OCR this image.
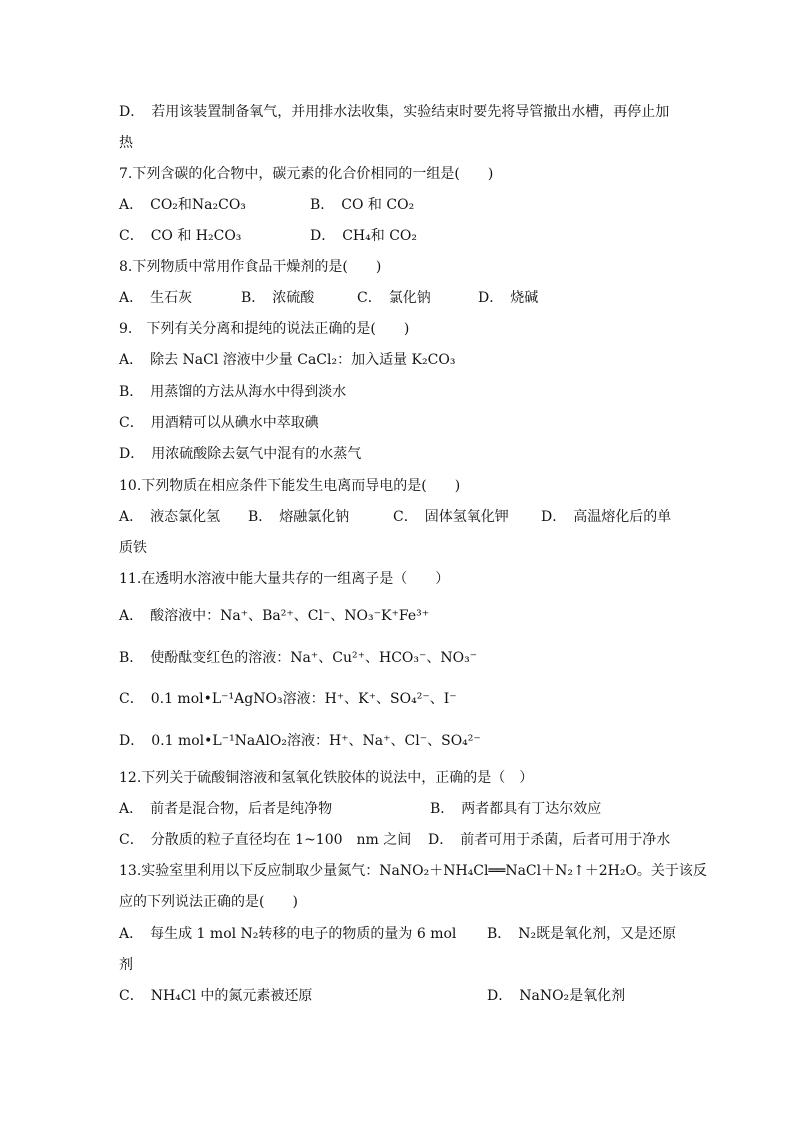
D．　若用该装置制备氧气，并用排水法收集，实验结束时要先将导管撤出水槽，再停止加
热
7.下列含碳的化合物中，碳元素的化合价相同的一组是(　　)
A．　CO₂和Na₂CO₃	B．　CO 和 CO₂
C．　CO 和 H₂CO₃	D．　CH₄和 CO₂
8.下列物质中常用作食品干燥剂的是(　　)
A．　生石灰	B．　浓硫酸	C．　氯化钠	D．　烧碱
9.　下列有关分离和提纯的说法正确的是(　　)
A．　除去 NaCl 溶液中少量 CaCl₂：加入适量 K₂CO₃
B．　用蒸馏的方法从海水中得到淡水
C．　用酒精可以从碘水中萃取碘
D．　用浓硫酸除去氨气中混有的水蒸气
10.下列物质在相应条件下能发生电离而导电的是(　　)
A．　液态氯化氢 B．　熔融氯化钠	C．　固体氢氧化钾 D．　高温熔化后的单
质铁
11.在透明水溶液中能大量共存的一组离子是（　　）
A．　酸溶液中：Na⁺、Ba²⁺、Cl⁻、NO₃⁻K⁺Fe³⁺
B．　使酚酞变红色的溶液：Na⁺、Cu²⁺、HCO₃⁻、NO₃⁻
C．　0.1 mol•L⁻¹AgNO₃溶液：H⁺、K⁺、SO₄²⁻、I⁻
D．　0.1 mol•L⁻¹NaAlO₂溶液：H⁺、Na⁺、Cl⁻、SO₄²⁻
12.下列关于硫酸铜溶液和氢氧化铁胶体的说法中，正确的是（　）
A．　前者是混合物，后者是纯净物	B．　两者都具有丁达尔效应
C．　分散质的粒子直径均在 1~100　nm 之间 D．　前者可用于杀菌，后者可用于净水
13.实验室里利用以下反应制取少量氮气：NaNO₂＋NH₄Cl══NaCl＋N₂↑＋2H₂O。关于该反
应的下列说法正确的是(　　)
A．　每生成 1 mol N₂转移的电子的物质的量为 6 mol B．　N₂既是氧化剂，又是还原
剂
C．　NH₄Cl 中的氮元素被还原	D．　NaNO₂是氧化剂
